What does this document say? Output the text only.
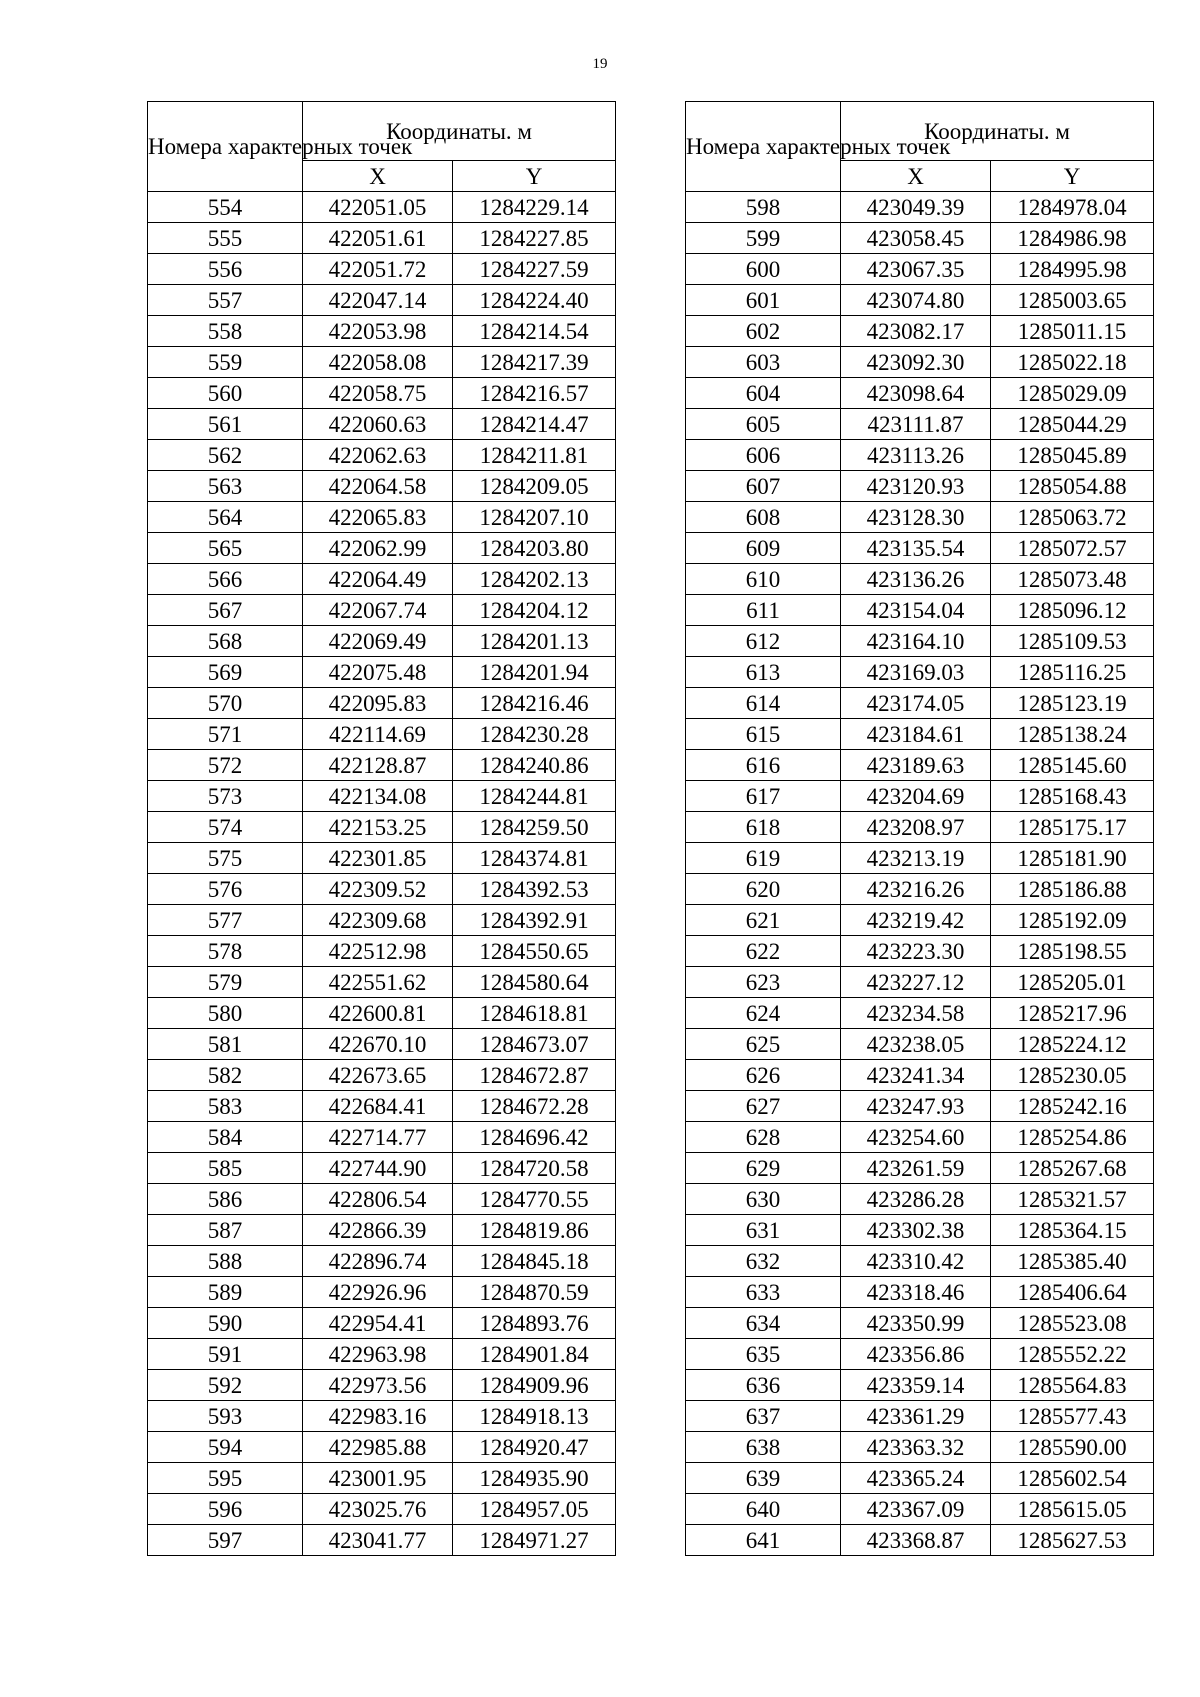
19
Номера характерных точек	Координаты. м	
	X	Y
554	422051.05	1284229.14
555	422051.61	1284227.85
556	422051.72	1284227.59
557	422047.14	1284224.40
558	422053.98	1284214.54
559	422058.08	1284217.39
560	422058.75	1284216.57
561	422060.63	1284214.47
562	422062.63	1284211.81
563	422064.58	1284209.05
564	422065.83	1284207.10
565	422062.99	1284203.80
566	422064.49	1284202.13
567	422067.74	1284204.12
568	422069.49	1284201.13
569	422075.48	1284201.94
570	422095.83	1284216.46
571	422114.69	1284230.28
572	422128.87	1284240.86
573	422134.08	1284244.81
574	422153.25	1284259.50
575	422301.85	1284374.81
576	422309.52	1284392.53
577	422309.68	1284392.91
578	422512.98	1284550.65
579	422551.62	1284580.64
580	422600.81	1284618.81
581	422670.10	1284673.07
582	422673.65	1284672.87
583	422684.41	1284672.28
584	422714.77	1284696.42
585	422744.90	1284720.58
586	422806.54	1284770.55
587	422866.39	1284819.86
588	422896.74	1284845.18
589	422926.96	1284870.59
590	422954.41	1284893.76
591	422963.98	1284901.84
592	422973.56	1284909.96
593	422983.16	1284918.13
594	422985.88	1284920.47
595	423001.95	1284935.90
596	423025.76	1284957.05
597	423041.77	1284971.27
Номера характерных точек	Координаты. м	
	X	Y
598	423049.39	1284978.04
599	423058.45	1284986.98
600	423067.35	1284995.98
601	423074.80	1285003.65
602	423082.17	1285011.15
603	423092.30	1285022.18
604	423098.64	1285029.09
605	423111.87	1285044.29
606	423113.26	1285045.89
607	423120.93	1285054.88
608	423128.30	1285063.72
609	423135.54	1285072.57
610	423136.26	1285073.48
611	423154.04	1285096.12
612	423164.10	1285109.53
613	423169.03	1285116.25
614	423174.05	1285123.19
615	423184.61	1285138.24
616	423189.63	1285145.60
617	423204.69	1285168.43
618	423208.97	1285175.17
619	423213.19	1285181.90
620	423216.26	1285186.88
621	423219.42	1285192.09
622	423223.30	1285198.55
623	423227.12	1285205.01
624	423234.58	1285217.96
625	423238.05	1285224.12
626	423241.34	1285230.05
627	423247.93	1285242.16
628	423254.60	1285254.86
629	423261.59	1285267.68
630	423286.28	1285321.57
631	423302.38	1285364.15
632	423310.42	1285385.40
633	423318.46	1285406.64
634	423350.99	1285523.08
635	423356.86	1285552.22
636	423359.14	1285564.83
637	423361.29	1285577.43
638	423363.32	1285590.00
639	423365.24	1285602.54
640	423367.09	1285615.05
641	423368.87	1285627.53
